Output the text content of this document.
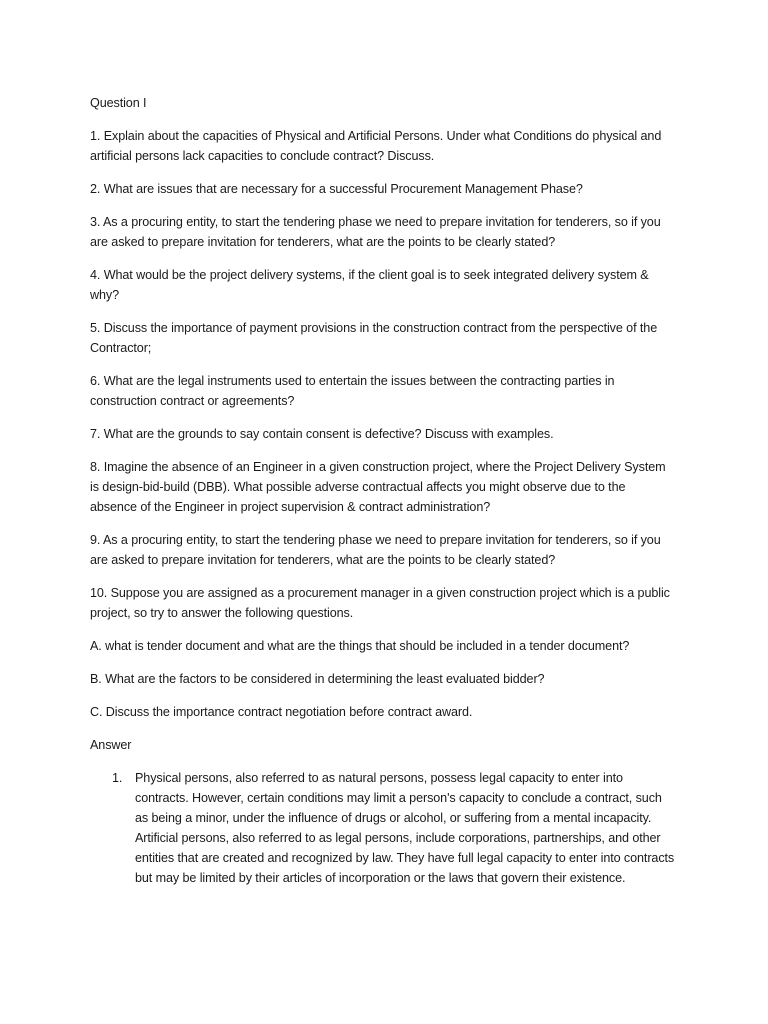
Question I
1. Explain about the capacities of Physical and Artificial Persons. Under what Conditions do physical and artificial persons lack capacities to conclude contract? Discuss.
2. What are issues that are necessary for a successful Procurement Management Phase?
3. As a procuring entity, to start the tendering phase we need to prepare invitation for tenderers, so if you are asked to prepare invitation for tenderers, what are the points to be clearly stated?
4. What would be the project delivery systems, if the client goal is to seek integrated delivery system & why?
5. Discuss the importance of payment provisions in the construction contract from the perspective of the Contractor;
6. What are the legal instruments used to entertain the issues between the contracting parties in construction contract or agreements?
7. What are the grounds to say contain consent is defective? Discuss with examples.
8. Imagine the absence of an Engineer in a given construction project, where the Project Delivery System is design-bid-build (DBB). What possible adverse contractual affects you might observe due to the absence of the Engineer in project supervision & contract administration?
9. As a procuring entity, to start the tendering phase we need to prepare invitation for tenderers, so if you are asked to prepare invitation for tenderers, what are the points to be clearly stated?
10. Suppose you are assigned as a procurement manager in a given construction project which is a public project, so try to answer the following questions.
A. what is tender document and what are the things that should be included in a tender document?
B. What are the factors to be considered in determining the least evaluated bidder?
C. Discuss the importance contract negotiation before contract award.
Answer
1. Physical persons, also referred to as natural persons, possess legal capacity to enter into contracts. However, certain conditions may limit a person's capacity to conclude a contract, such as being a minor, under the influence of drugs or alcohol, or suffering from a mental incapacity. Artificial persons, also referred to as legal persons, include corporations, partnerships, and other entities that are created and recognized by law. They have full legal capacity to enter into contracts but may be limited by their articles of incorporation or the laws that govern their existence.
